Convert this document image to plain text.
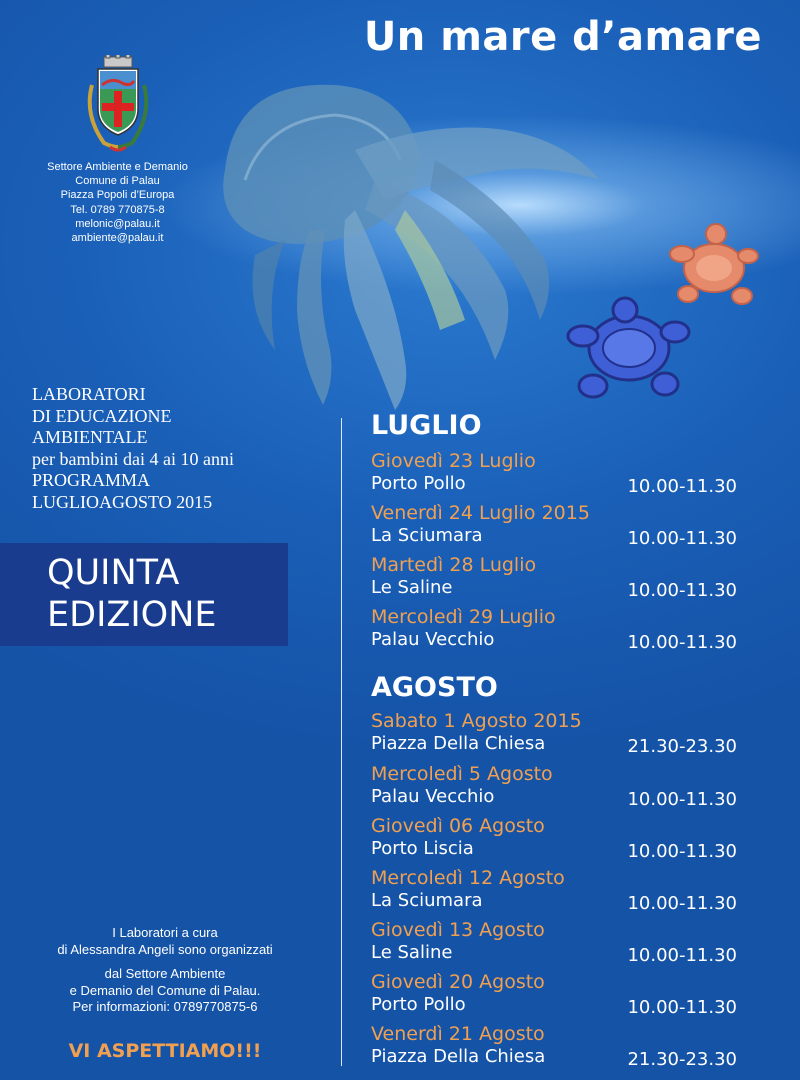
Un mare d’amare
Settore Ambiente e Demanio
Comune di Palau
Piazza Popoli d’Europa
Tel. 0789 770875-8
melonic@palau.it
ambiente@palau.it
LABORATORI
DI EDUCAZIONE
AMBIENTALE
per bambini dai 4 ai 10 anni
PROGRAMMA
LUGLIOAGOSTO 2015
QUINTA
EDIZIONE
LUGLIO
Giovedì 23 Luglio
Porto Pollo	10.00-11.30
Venerdì 24 Luglio 2015
La Sciumara	10.00-11.30
Martedì 28 Luglio
Le Saline	10.00-11.30
Mercoledì 29 Luglio
Palau Vecchio	10.00-11.30
AGOSTO
Sabato 1 Agosto 2015
Piazza Della Chiesa	21.30-23.30
Mercoledì 5 Agosto
Palau Vecchio	10.00-11.30
Giovedì 06 Agosto
Porto Liscia	10.00-11.30
Mercoledì 12 Agosto
La Sciumara	10.00-11.30
Giovedì 13 Agosto
Le Saline	10.00-11.30
Giovedì 20 Agosto
Porto Pollo	10.00-11.30
Venerdì 21 Agosto
Piazza Della Chiesa	21.30-23.30
I Laboratori a cura
di Alessandra Angeli sono organizzati
dal Settore Ambiente
e Demanio del Comune di Palau.
Per informazioni: 0789770875-6
VI ASPETTIAMO!!!
